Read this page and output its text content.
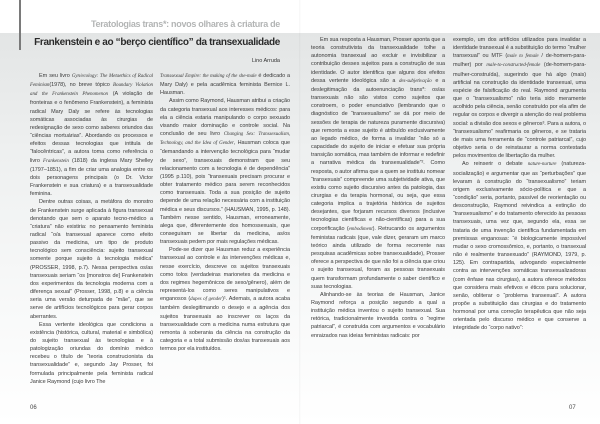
Teratologias trans*: novos olhares à criatura de
Frankenstein e ao “berço científico” da transexualidade
Lino Arruda

Em seu livro Gyn/ecology: The Metaethics of Radical Feminism(1978), no breve tópico Boundary Violation and the Frankenstein Phenomenon (A violação de fronteiras e o fenômeno Frankenstein), a feminista radical Mary Daly se refere às tecnologias somáticas associadas às cirurgias de redesignação de sexo como saberes oriundos das “ciências mortuárias”. Abordando os processos e efeitos dessas tecnologias que intitula de “falocêntricas”, a autora toma como referência o livro Frankenstein (1818) da inglesa Mary Shelley (1797–1851), a fim de criar uma analogia entre os dois personagens principais (o Dr. Victor Frankenstein e sua criatura) e a transexualidade feminina.

Dentre outras coisas, a metáfora do monstro de Frankenstein surge aplicada à figura transexual denotando que sem o aparato tecno-médico a “criatura” não existiria: no pensamento feminista radical “o/a transexual aparece como efeito passivo da medicina, um tipo de produto tecnológico sem consciência: sujeito transexual somente porque sujeito à tecnologia médica” (PROSSER, 1998, p.7). Nessa perspectiva os/as transexuais seriam “os [monstros de] Frankenstein dos experimentos da tecnologia moderna com a diferença sexual” (Prosser, 1998, p.8) e a ciência seria uma versão deturpada de “mãe”, que se serve de artifícios tecnológicos para gerar corpos aberrantes.

Essa vertente ideológica que condiciona a existência (histórica, cultural, material e simbólica) do sujeito transexual às tecnologias e à patologização oriundas do domínio médico recebeu o título de “teoria construcionista da transexualidade” e, segundo Jay Prosser, foi formulada principalmente pela feminista radical Janice Raymond (cujo livro The

Transsexual Empire: the making of the she-male é dedicado a Mary Daly) e pela acadêmica feminista Bernice L. Hausman.

Assim como Raymond, Hausman atribui a criação da categoria transexual aos interesses médicos: para ela a ciência estaria manipulando o corpo sexuado visando maior dominação e controle social. Na conclusão de seu livro Changing Sex: Transsexualism, Technology, and the Idea of Gender, Hausman coloca que “demandando a intervenção tecnológica para “mudar de sexo”, transexuais demonstram que seu relacionamento com a tecnologia é de dependência” (1995 p.110), pois “transexuais precisam procurar e obter tratamento médico para serem reconhecidos como transexuais. Toda a sua posição de sujeito depende de uma relação necessária com a instituição médica e seus discursos.” (HAUSMAN, 1995, p. 148). Também nesse sentido, Hausman, erroneamente, alega que, diferentemente dos homossexuais, que conseguiram se libertar da medicina, as/os transexuais pedem por mais regulações médicas.

Pode-se dizer que Hausman reduz a experiência transexual ao controle e às intervenções médicas e, nesse exercício, descreve os sujeitos transexuais como tolos (verdadeiras marionetes da medicina e dos regimes hegemônicos de sexo/gênero), além de representá-los como seres manipulativos e enganosos (dupes of gender)¹. Ademais, a autora acaba também deslegitimando o desejo e a agência dos sujeitos transexuais ao inscrever os laços da transexualidade com a medicina numa estrutura que remonta à soberania da ciência na construção da categoria e a total submissão dos/as transexuais aos termos por ela instituídos.

Em sua resposta a Hausman, Prosser aponta que a teoria construtivista da transexualidade tolhe a autonomia transexual ao excluir e invisibilizar a contribuição desses sujeitos para a construção de sua identidade. O autor identifica que alguns dos efeitos dessa vertente ideológica são a des-subjetivação e a deslegitimação da autoenunciação trans*: os/as transexuais não são vistos como sujeitos que constroem, o poder enunciativo (lembrando que o diagnóstico de “transexualismo” se dá por meio de sessões de terapia de natureza puramente discursiva) que remonta a esse sujeito é atribuído exclusivamente ao legado médico, de forma a invalidar “não só a capacidade do sujeito de iniciar e efetuar sua própria transição somática, mas também de informar e redefinir a narrativa médica da transexualidade”². Como resposta, o autor afirma que a quem se instituiu nomear “transexuais” compreende uma subjetividade ativa, que existiu como sujeito discursivo antes da patologia, das cirurgias e da terapia hormonal, ou seja, que essa categoria implica a trajetória histórica de sujeitos desejantes, que forjaram recursos diversos (inclusive tecnologias científicas e não-científicas) para a sua corporificação (embodiment). Retrucando os argumentos feministas radicais (que, vale dizer, geraram um marco teórico ainda utilizado de forma recorrente nas pesquisas acadêmicas sobre transexualidade), Prosser oferece a perspectiva de que não foi a ciência que criou o sujeito transexual, foram as pessoas transexuais quem transformam profundamente o saber científico e suas tecnologias.

Alinhando-se às teorias de Hausman, Janice Raymond reforça a posição segundo a qual a instituição médica inventou o sujeito transexual. Sua retórica, tradicionalmente investida contra o “regime patriarcal”, é construída com argumentos e vocabulário enraizados nas ideias feministas radicais: por

exemplo, um dos artifícios utilizados para invalidar a identidade transexual é a substituição do termo “mulher transexual” ou MTF (male to female / de-homem-para-mulher) por male-to-constructed-female (de-homem-para-mulher-construída), sugerindo que há algo (mais) artificial na construção da identidade transexual, uma espécie de falsificação do real. Raymond argumenta que o “transexualismo” não teria sido meramente acolhido pela ciência, senão construído por ela afim de regular os corpos e divergir a atenção do real problema social: a divisão dos sexos e gêneros³. Para a autora, o “transexualismo” reafirmaria os gêneros, e se trataria de mais uma ferramenta de “controle patriarcal”, cujo objetivo seria o de reinstaurar a norma contestada pelos movimentos de libertação da mulher.

Ao reinserir o debate nature-nurture (natureza-socialização) e argumentar que as “perturbações” que levaram à construção do “transexualismo” teriam origem exclusivamente sócio-política e que a “condição” seria, portanto, passível de reorientação ou desconstrução, Raymond reivindica a extinção do “transexualismo” e do tratamento oferecido às pessoas transexuais, uma vez que, segundo ela, essa se trataria de uma invenção científica fundamentada em premissas enganosas: “é biologicamente impossível mudar o sexo cromossômico, e, portanto, o transexual não é realmente transexuado” (RAYMOND, 1979, p. 125). Em contrapartida, advogando especialmente contra as intervenções somáticas transexualizadoras (com ênfase nas cirurgias), a autora oferece métodos que considera mais efetivos e éticos para solucionar, senão, obliterar o “problema transexual”. A autora propõe a substituição das cirurgias e do tratamento hormonal por uma correção terapêutica que não seja orientada pelo discurso médico e que conserve a integridade do “corpo nativo”:

06	07
